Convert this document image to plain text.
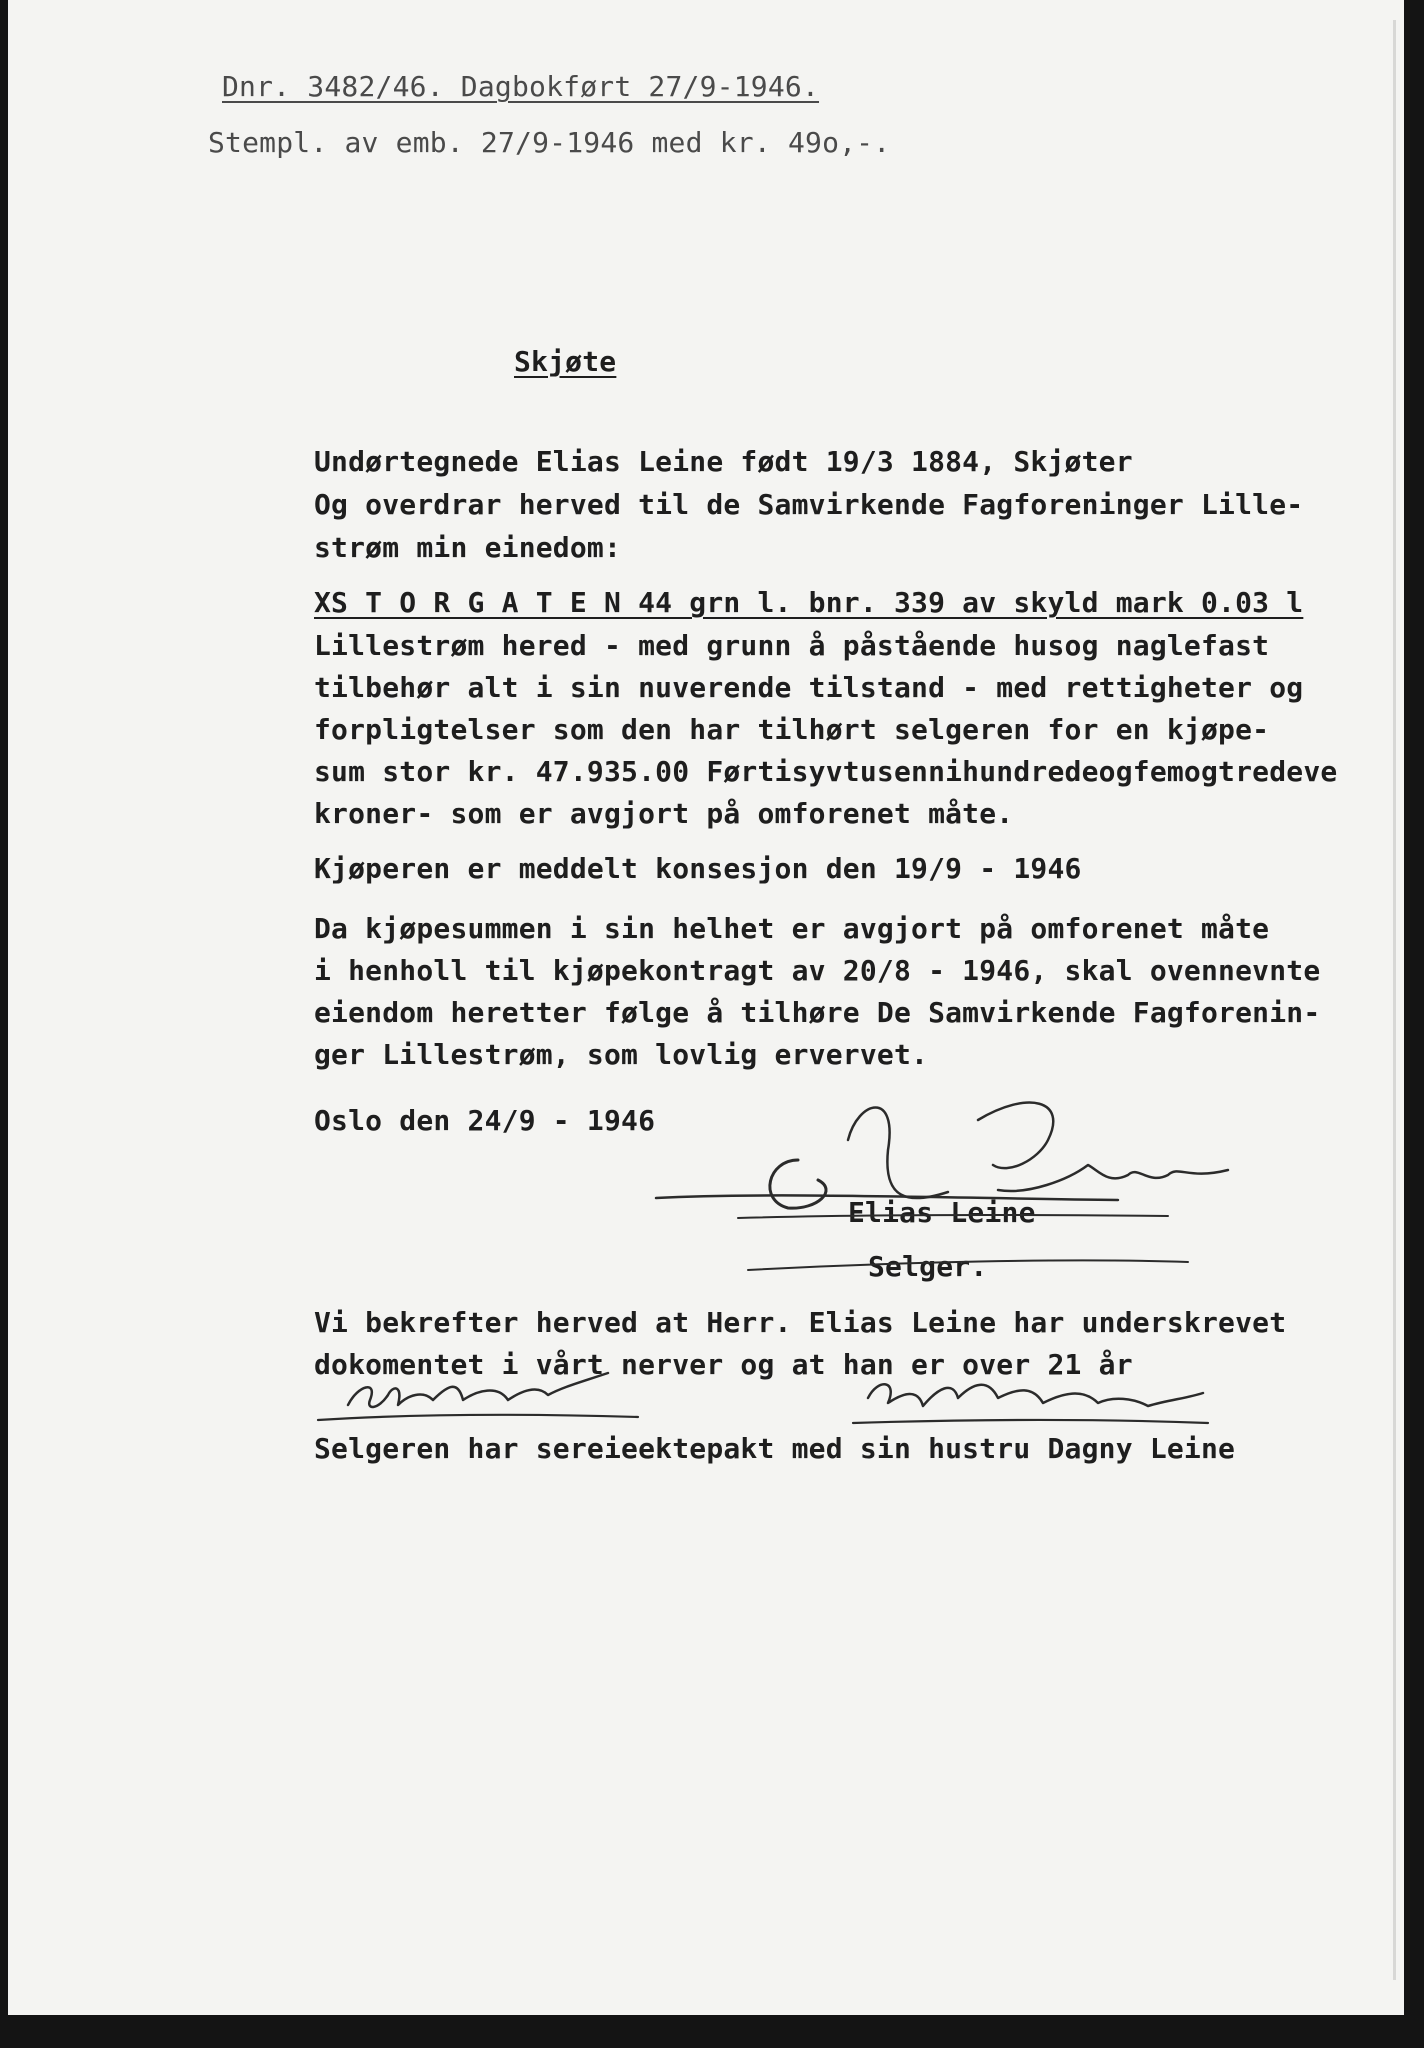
Dnr. 3482/46. Dagbokført 27/9-1946.
Stempl. av emb. 27/9-1946 med kr. 49o,-.
Skjøte
Undørtegnede Elias Leine født 19/3 1884, Skjøter
Og overdrar herved til de Samvirkende Fagforeninger Lille-
strøm min einedom:
XS T O R G A T E N 44 grn l. bnr. 339 av skyld mark 0.03 l
Lillestrøm hered - med grunn å påstående husog naglefast
tilbehør alt i sin nuverende tilstand - med rettigheter og
forpligtelser som den har tilhørt selgeren for en kjøpe-
sum stor kr. 47.935.00 Førtisyvtusennihundredeogfemogtredeve
kroner- som er avgjort på omforenet måte.
Kjøperen er meddelt konsesjon den 19/9 - 1946
Da kjøpesummen i sin helhet er avgjort på omforenet måte
i henholl til kjøpekontragt av 20/8 - 1946, skal ovennevnte
eiendom heretter følge å tilhøre De Samvirkende Fagforenin-
ger Lillestrøm, som lovlig ervervet.
Oslo den 24/9 - 1946
Elias Leine
Selger.
Vi bekrefter herved at Herr. Elias Leine har underskrevet
dokomentet i vårt nerver og at han er over 21 år
Selgeren har sereieektepakt med sin hustru Dagny Leine
